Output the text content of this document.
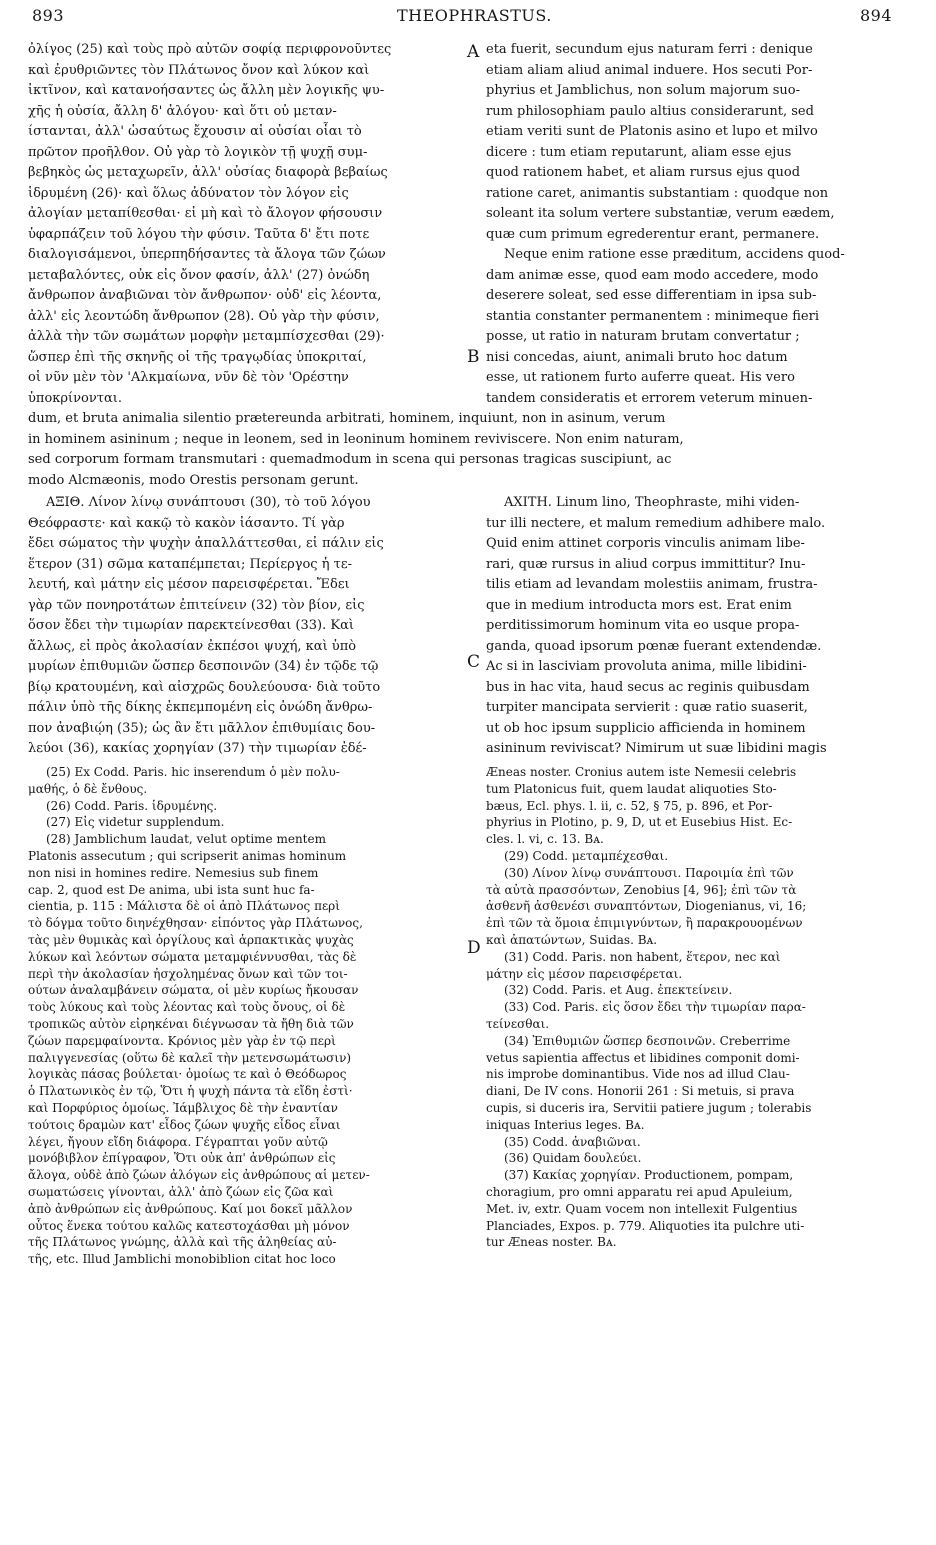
893	THEOPHRASTUS.	894
ὀλίγος (25) καὶ τοὺς πρὸ αὐτῶν σοφίᾳ περιφρονοῦντες
καὶ ἐρυθριῶντες τὸν Πλάτωνος ὄνον καὶ λύκον καὶ
ἰκτῖνον, καὶ κατανοήσαντες ὡς ἄλλη μὲν λογικῆς ψυ-
χῆς ἡ οὐσία, ἄλλη δ' ἀλόγου· καὶ ὅτι οὐ μεταν-
ίστανται, ἀλλ' ὡσαύτως ἔχουσιν αἱ οὐσίαι οἷαι τὸ
πρῶτον προῆλθον. Οὐ γὰρ τὸ λογικὸν τῇ ψυχῇ συμ-
βεβηκὸς ὡς μεταχωρεῖν, ἀλλ' οὐσίας διαφορὰ βεβαίως
ἱδρυμένη (26)· καὶ ὅλως ἀδύνατον τὸν λόγον εἰς
ἀλογίαν μεταπίθεσθαι· εἰ μὴ καὶ τὸ ἄλογον φήσουσιν
ὑφαρπάζειν τοῦ λόγου τὴν φύσιν. Ταῦτα δ' ἔτι ποτε
διαλογισάμενοι, ὑπερπηδήσαντες τὰ ἄλογα τῶν ζώων
μεταβαλόντες, οὐκ εἰς ὄνον φασίν, ἀλλ' (27) ὀνώδη
ἄνθρωπον ἀναβιῶναι τὸν ἄνθρωπον· οὐδ' εἰς λέοντα,
ἀλλ' εἰς λεοντώδη ἄνθρωπον (28). Οὐ γὰρ τὴν φύσιν,
ἀλλὰ τὴν τῶν σωμάτων μορφὴν μεταμπίσχεσθαι (29)·
ὥσπερ ἐπὶ τῆς σκηνῆς οἱ τῆς τραγῳδίας ὑποκριταί,
οἱ νῦν μὲν τὸν 'Αλκμαίωνα, νῦν δὲ τὸν 'Ορέστην
ὑποκρίνονται.
eta fuerit, secundum ejus naturam ferri : denique
etiam aliam aliud animal induere. Hos secuti Por-
phyrius et Jamblichus, non solum majorum suo-
rum philosophiam paulo altius considerarunt, sed
etiam veriti sunt de Platonis asino et lupo et milvo
dicere : tum etiam reputarunt, aliam esse ejus
quod rationem habet, et aliam rursus ejus quod
ratione caret, animantis substantiam : quodque non
soleant ita solum vertere substantiæ, verum eædem,
quæ cum primum egrederentur erant, permanere.
Neque enim ratione esse præditum, accidens quod-
dam animæ esse, quod eam modo accedere, modo
deserere soleat, sed esse differentiam in ipsa sub-
stantia constanter permanentem : minimeque fieri
posse, ut ratio in naturam brutam convertatur ;
nisi concedas, aiunt, animali bruto hoc datum
esse, ut rationem furto auferre queat. His vero
tandem consideratis et errorem veterum minuen-
dum, et bruta animalia silentio prætereunda arbitrati, hominem, inquiunt, non in asinum, verum
in hominem asininum ; neque in leonem, sed in leoninum hominem reviviscere. Non enim naturam,
sed corporum formam transmutari : quemadmodum in scena qui personas tragicas suscipiunt, ac
modo Alcmæonis, modo Orestis personam gerunt.
ΑΞΙΘ. Λίνον λίνῳ συνάπτουσι (30), τὸ τοῦ λόγου
Θεόφραστε· καὶ κακῷ τὸ κακὸν ἰάσαντο. Τί γὰρ
ἔδει σώματος τὴν ψυχὴν ἀπαλλάττεσθαι, εἰ πάλιν εἰς
ἕτερον (31) σῶμα καταπέμπεται; Περίεργος ἡ τε-
λευτή, καὶ μάτην εἰς μέσον παρεισφέρεται. Ἔδει
γὰρ τῶν πονηροτάτων ἐπιτείνειν (32) τὸν βίον, εἰς
ὅσον ἔδει τὴν τιμωρίαν παρεκτείνεσθαι (33). Καὶ
ἄλλως, εἰ πρὸς ἀκολασίαν ἐκπέσοι ψυχή, καὶ ὑπὸ
μυρίων ἐπιθυμιῶν ὥσπερ δεσποινῶν (34) ἐν τῷδε τῷ
βίῳ κρατουμένη, καὶ αἰσχρῶς δουλεύουσα· διὰ τοῦτο
πάλιν ὑπὸ τῆς δίκης ἐκπεμπομένη εἰς ὀνώδη ἄνθρω-
πον ἀναβιῴη (35); ὡς ἂν ἔτι μᾶλλον ἐπιθυμίαις δου-
λεύοι (36), κακίας χορηγίαν (37) τὴν τιμωρίαν ἐδέ-
AXITH. Linum lino, Theophraste, mihi viden-
tur illi nectere, et malum remedium adhibere malo.
Quid enim attinet corporis vinculis animam libe-
rari, quæ rursus in aliud corpus immittitur? Inu-
tilis etiam ad levandam molestiis animam, frustra-
que in medium introducta mors est. Erat enim
perditissimorum hominum vita eo usque propa-
ganda, quoad ipsorum pœnæ fuerant extendendæ.
Ac si in lasciviam provoluta anima, mille libidini-
bus in hac vita, haud secus ac reginis quibusdam
turpiter mancipata servierit : quæ ratio suaserit,
ut ob hoc ipsum supplicio afficienda in hominem
asininum reviviscat? Nimirum ut suæ libidini magis
(25) Ex Codd. Paris. hic inserendum ὁ μὲν πολυ-
μαθής, ὁ δὲ ἔνθους.
(26) Codd. Paris. ἱδρυμένης.
(27) Εἰς videtur supplendum.
(28) Jamblichum laudat, velut optime mentem
Platonis assecutum ; qui scripserit animas hominum
non nisi in homines redire. Nemesius sub finem
cap. 2, quod est De anima, ubi ista sunt huc fa-
cientia, p. 115 : Μάλιστα δὲ οἱ ἀπὸ Πλάτωνος περὶ
τὸ δόγμα τοῦτο διηνέχθησαν· εἰπόντος γὰρ Πλάτωνος,
τὰς μὲν θυμικὰς καὶ ὀργίλους καὶ ἁρπακτικὰς ψυχὰς
λύκων καὶ λεόντων σώματα μεταμφιέννυσθαι, τὰς δὲ
περὶ τὴν ἀκολασίαν ἠσχολημένας ὄνων καὶ τῶν τοι-
ούτων ἀναλαμβάνειν σώματα, οἱ μὲν κυρίως ἤκουσαν
τοὺς λύκους καὶ τοὺς λέοντας καὶ τοὺς ὄνους, οἱ δὲ
τροπικῶς αὐτὸν εἰρηκέναι διέγνωσαν τὰ ἤθη διὰ τῶν
ζώων παρεμφαίνοντα. Κρόνιος μὲν γὰρ ἐν τῷ περὶ
παλιγγενεσίας (οὕτω δὲ καλεῖ τὴν μετενσωμάτωσιν)
λογικὰς πάσας βούλεται· ὁμοίως τε καὶ ὁ Θεόδωρος
ὁ Πλατωνικὸς ἐν τῷ, Ὅτι ἡ ψυχὴ πάντα τὰ εἴδη ἐστὶ·
καὶ Πορφύριος ὁμοίως. Ἰάμβλιχος δὲ τὴν ἐναντίαν
τούτοις δραμὼν κατ' εἶδος ζώων ψυχῆς εἶδος εἶναι
λέγει, ἤγουν εἴδη διάφορα. Γέγραπται γοῦν αὐτῷ
μονόβιβλον ἐπίγραφον, Ὅτι οὐκ ἀπ' ἀνθρώπων εἰς
ἄλογα, οὐδὲ ἀπὸ ζώων ἀλόγων εἰς ἀνθρώπους αἱ μετεν-
σωματώσεις γίνονται, ἀλλ' ἀπὸ ζώων εἰς ζῶα καὶ
ἀπὸ ἀνθρώπων εἰς ἀνθρώπους. Καί μοι δοκεῖ μᾶλλον
οὗτος ἕνεκα τούτου καλῶς κατεστοχάσθαι μὴ μόνον
τῆς Πλάτωνος γνώμης, ἀλλὰ καὶ τῆς ἀληθείας αὐ-
τῆς, etc. Illud Jamblichi monobiblion citat hoc loco
Æneas noster. Cronius autem iste Nemesii celebris
tum Platonicus fuit, quem laudat aliquoties Sto-
bæus, Ecl. phys. l. ii, c. 52, § 75, p. 896, et Por-
phyrius in Plotino, p. 9, D, ut et Eusebius Hist. Ec-
cles. l. vi, c. 13. Bᴀ.
(29) Codd. μεταμπέχεσθαι.
(30) Λίνον λίνῳ συνάπτουσι. Παροιμία ἐπὶ τῶν
τὰ αὐτὰ πρασσόντων, Zenobius [4, 96]; ἐπὶ τῶν τὰ
ἀσθενῆ ἀσθενέσι συναπτόντων, Diogenianus, vi, 16;
ἐπὶ τῶν τὰ ὅμοια ἐπιμιγνύντων, ἢ παρακρουομένων
καὶ ἀπατώντων, Suidas. Bᴀ.
(31) Codd. Paris. non habent, ἕτερον, nec καὶ
μάτην εἰς μέσον παρεισφέρεται.
(32) Codd. Paris. et Aug. ἐπεκτείνειν.
(33) Cod. Paris. εἰς ὅσον ἔδει τὴν τιμωρίαν παρα-
τείνεσθαι.
(34) Ἐπιθυμιῶν ὥσπερ δεσποινῶν. Creberrime
vetus sapientia affectus et libidines componit domi-
nis improbe dominantibus. Vide nos ad illud Clau-
diani, De IV cons. Honorii 261 : Si metuis, si prava
cupis, si duceris ira, Servitii patiere jugum ; tolerabis
iniquas Interius leges. Bᴀ.
(35) Codd. ἀναβιῶναι.
(36) Quidam δουλεύει.
(37) Κακίας χορηγίαν. Productionem, pompam,
choragium, pro omni apparatu rei apud Apuleium,
Met. iv, extr. Quam vocem non intellexit Fulgentius
Planciades, Expos. p. 779. Aliquoties ita pulchre uti-
tur Æneas noster. Bᴀ.
A
B
C
D
